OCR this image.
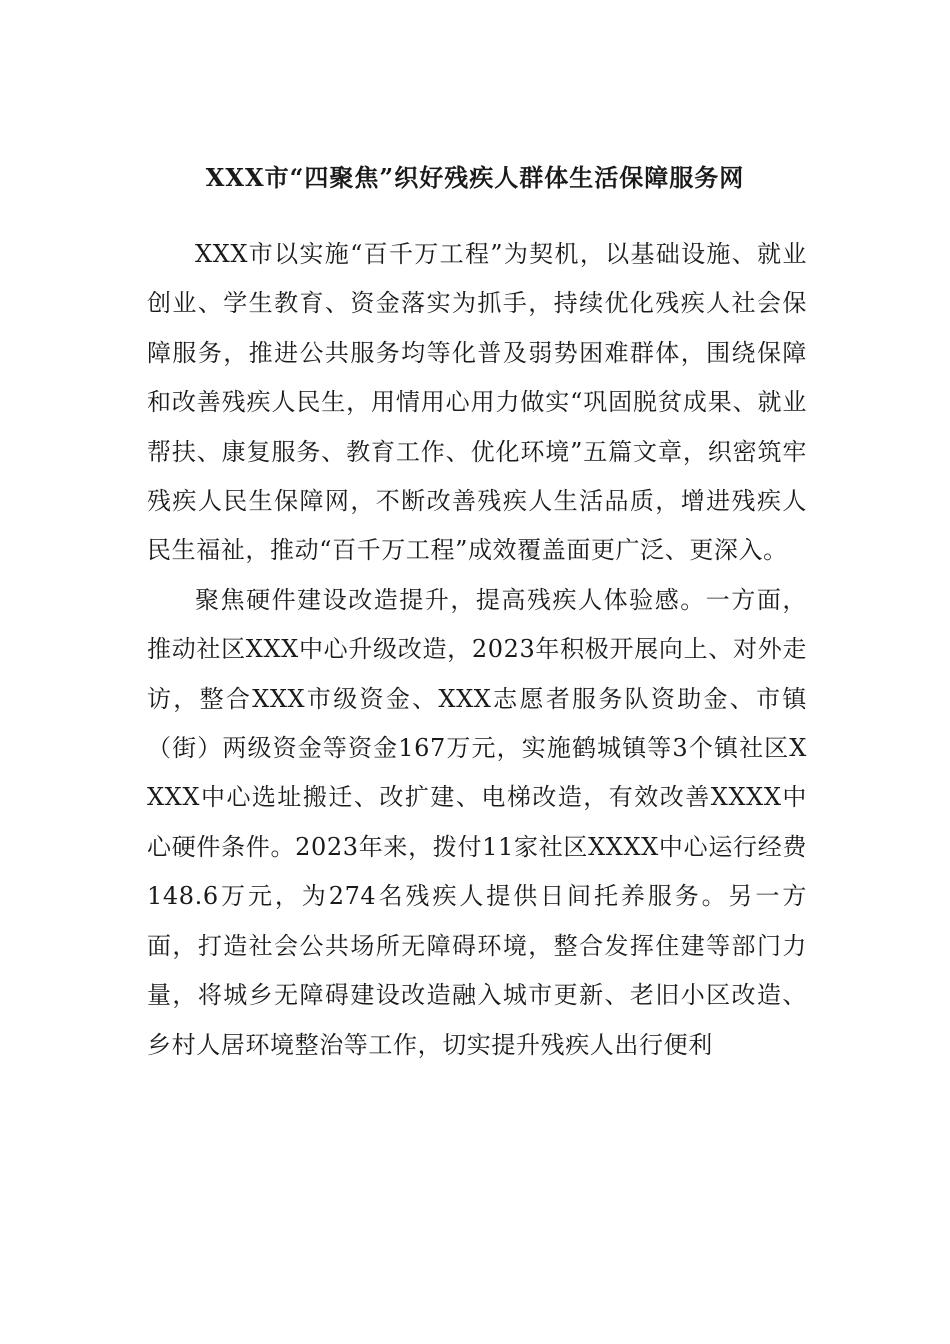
XXX市“四聚焦”织好残疾人群体生活保障服务网

XXX市以实施“百千万工程”为契机，以基础设施、就业创业、学生教育、资金落实为抓手，持续优化残疾人社会保障服务，推进公共服务均等化普及弱势困难群体，围绕保障和改善残疾人民生，用情用心用力做实“巩固脱贫成果、就业帮扶、康复服务、教育工作、优化环境”五篇文章，织密筑牢残疾人民生保障网，不断改善残疾人生活品质，增进残疾人民生福祉，推动“百千万工程”成效覆盖面更广泛、更深入。

聚焦硬件建设改造提升，提高残疾人体验感。一方面，推动社区XXX中心升级改造，2023年积极开展向上、对外走访，整合XXX市级资金、XXX志愿者服务队资助金、市镇（街）两级资金等资金167万元，实施鹤城镇等3个镇社区XXXX中心选址搬迁、改扩建、电梯改造，有效改善XXXX中心硬件条件。2023年来，拨付11家社区XXXX中心运行经费148.6万元，为274名残疾人提供日间托养服务。另一方面，打造社会公共场所无障碍环境，整合发挥住建等部门力量，将城乡无障碍建设改造融入城市更新、老旧小区改造、乡村人居环境整治等工作，切实提升残疾人出行便利
